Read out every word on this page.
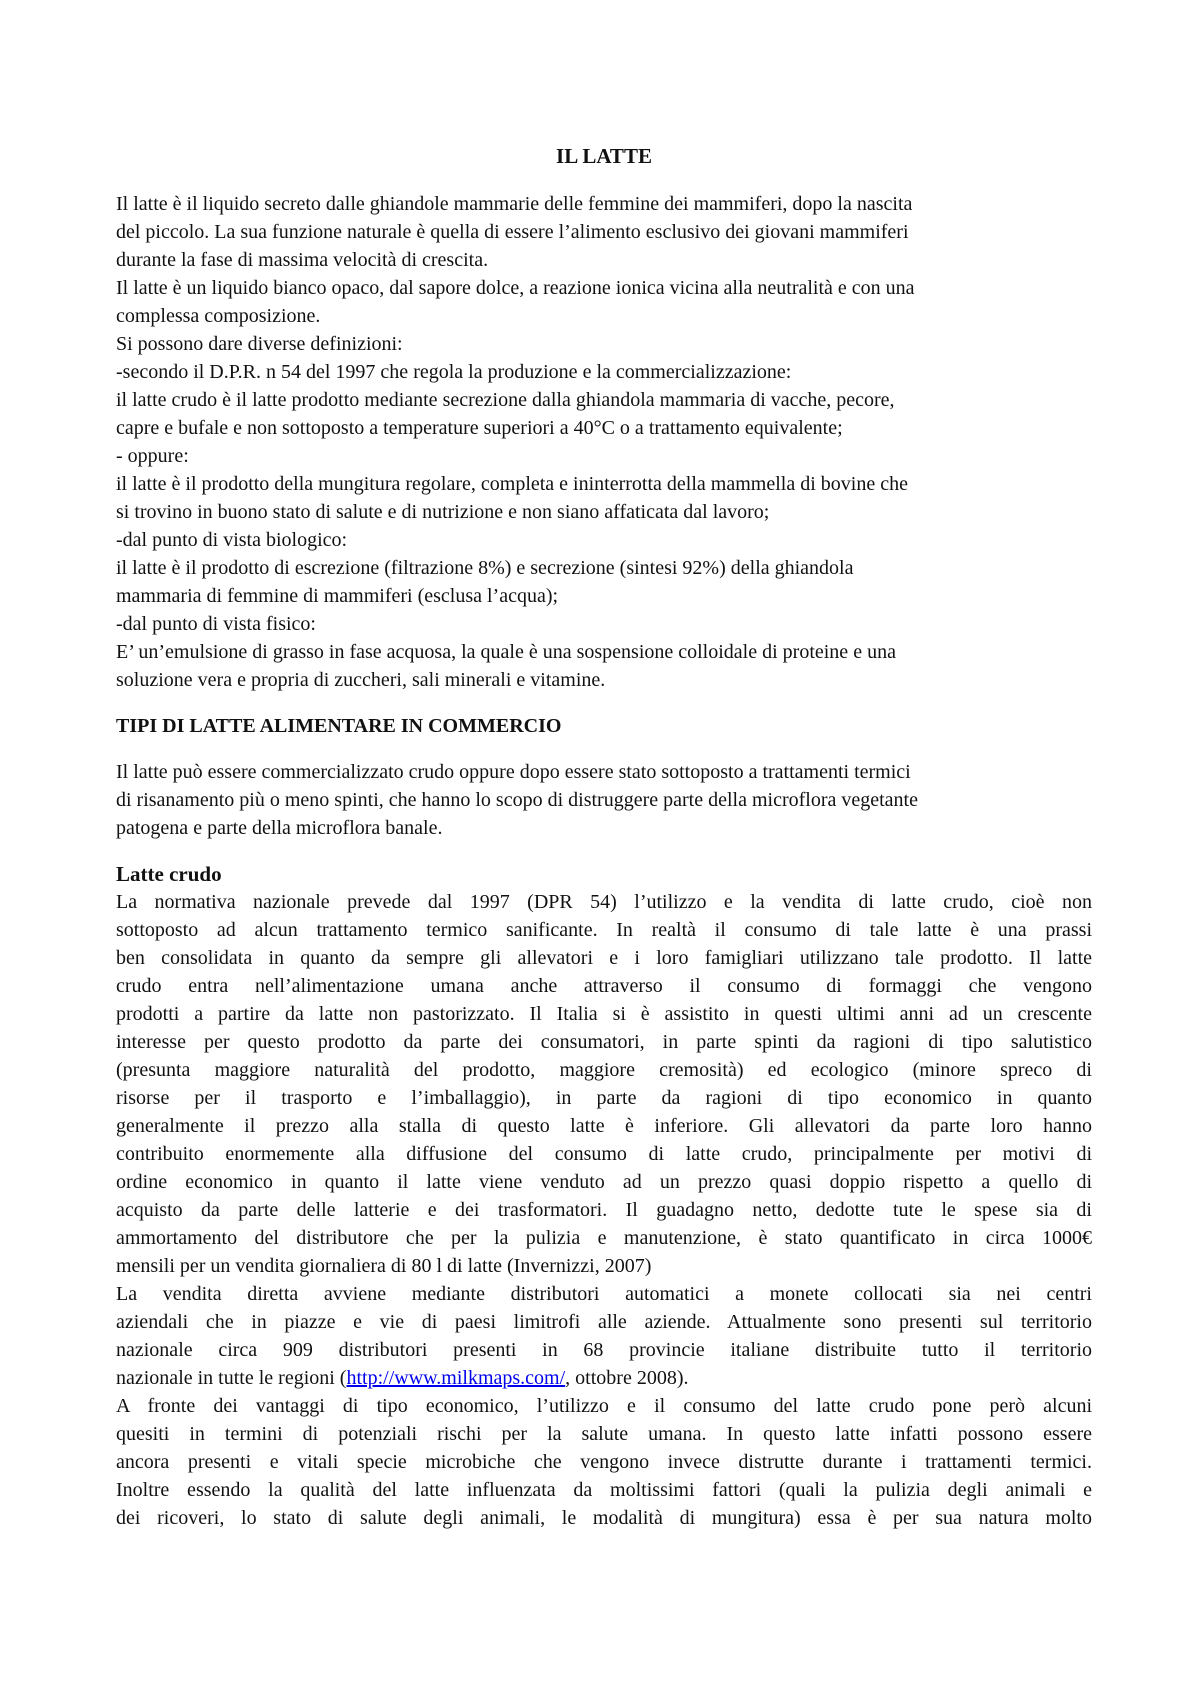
IL LATTE
Il latte è il liquido secreto dalle ghiandole mammarie delle femmine dei mammiferi, dopo la nascita
del piccolo. La sua funzione naturale è quella di essere l’alimento esclusivo dei giovani mammiferi
durante la fase di massima velocità di crescita.
Il latte è un liquido bianco opaco, dal sapore dolce, a reazione ionica vicina alla neutralità e con una
complessa composizione.
Si possono dare diverse definizioni:
-secondo il D.P.R. n 54 del 1997 che regola la produzione e la commercializzazione:
il latte crudo è il latte prodotto mediante secrezione dalla ghiandola mammaria di vacche, pecore,
capre e bufale e non sottoposto a temperature superiori a 40°C o a trattamento equivalente;
- oppure:
il latte è il prodotto della mungitura regolare, completa e ininterrotta della mammella di bovine che
si trovino in buono stato di salute e di nutrizione e non siano affaticata dal lavoro;
-dal punto di vista biologico:
il latte è il prodotto di escrezione (filtrazione 8%) e secrezione (sintesi 92%) della ghiandola
mammaria di femmine di mammiferi (esclusa l’acqua);
-dal punto di vista fisico:
E’ un’emulsione di grasso in fase acquosa, la quale è una sospensione colloidale di proteine e una
soluzione vera e propria di zuccheri, sali minerali e vitamine.
TIPI DI LATTE ALIMENTARE IN COMMERCIO
Il latte può essere commercializzato crudo oppure dopo essere stato sottoposto a trattamenti termici
di risanamento più o meno spinti, che hanno lo scopo di distruggere parte della microflora vegetante
patogena e parte della microflora banale.
Latte crudo
La normativa nazionale prevede dal 1997 (DPR 54) l’utilizzo e la vendita di latte crudo, cioè non
sottoposto ad alcun trattamento termico sanificante. In realtà il consumo di tale latte è una prassi
ben consolidata in quanto da sempre gli allevatori e i loro famigliari utilizzano tale prodotto. Il latte
crudo entra nell’alimentazione umana anche attraverso il consumo di formaggi che vengono
prodotti a partire da latte non pastorizzato. Il Italia si è assistito in questi ultimi anni ad un crescente
interesse per questo prodotto da parte dei consumatori, in parte spinti da ragioni di tipo salutistico
(presunta maggiore naturalità del prodotto, maggiore cremosità) ed ecologico (minore spreco di
risorse per il trasporto e l’imballaggio), in parte da ragioni di tipo economico in quanto
generalmente il prezzo alla stalla di questo latte è inferiore. Gli allevatori da parte loro hanno
contribuito enormemente alla diffusione del consumo di latte crudo, principalmente per motivi di
ordine economico in quanto il latte viene venduto ad un prezzo quasi doppio rispetto a quello di
acquisto da parte delle latterie e dei trasformatori. Il guadagno netto, dedotte tute le spese sia di
ammortamento del distributore che per la pulizia e manutenzione, è stato quantificato in circa 1000€
mensili per un vendita giornaliera di 80 l di latte (Invernizzi, 2007)
La vendita diretta avviene mediante distributori automatici a monete collocati sia nei centri
aziendali che in piazze e vie di paesi limitrofi alle aziende. Attualmente sono presenti sul territorio
nazionale circa 909 distributori presenti in 68 provincie italiane distribuite tutto il territorio
nazionale in tutte le regioni (http://www.milkmaps.com/, ottobre 2008).
A fronte dei vantaggi di tipo economico, l’utilizzo e il consumo del latte crudo pone però alcuni
quesiti in termini di potenziali rischi per la salute umana. In questo latte infatti possono essere
ancora presenti e vitali specie microbiche che vengono invece distrutte durante i trattamenti termici.
Inoltre essendo la qualità del latte influenzata da moltissimi fattori (quali la pulizia degli animali e
dei ricoveri, lo stato di salute degli animali, le modalità di mungitura) essa è per sua natura molto
